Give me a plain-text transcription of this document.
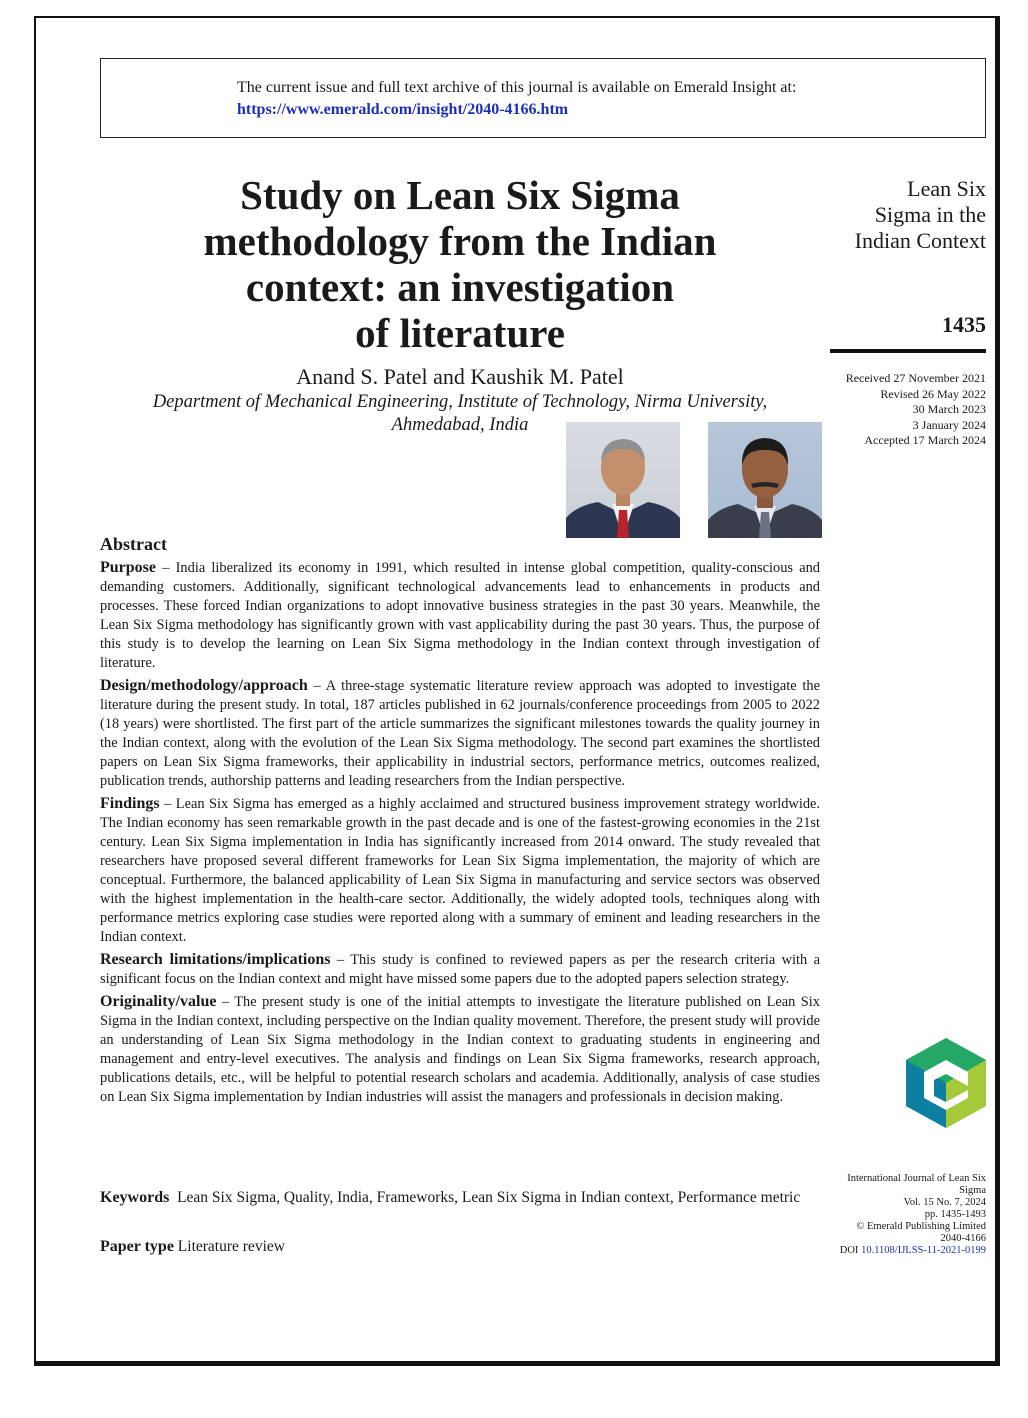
The current issue and full text archive of this journal is available on Emerald Insight at:
https://www.emerald.com/insight/2040-4166.htm
Study on Lean Six Sigma
methodology from the Indian
context: an investigation
of literature
Anand S. Patel and Kaushik M. Patel
Department of Mechanical Engineering, Institute of Technology, Nirma University,
Ahmedabad, India
Lean Six
Sigma in the
Indian Context
1435
Received 27 November 2021
Revised 26 May 2022
30 March 2023
3 January 2024
Accepted 17 March 2024
Abstract

Purpose – India liberalized its economy in 1991, which resulted in intense global competition, quality-conscious and demanding customers. Additionally, significant technological advancements lead to enhancements in products and processes. These forced Indian organizations to adopt innovative business strategies in the past 30 years. Meanwhile, the Lean Six Sigma methodology has significantly grown with vast applicability during the past 30 years. Thus, the purpose of this study is to develop the learning on Lean Six Sigma methodology in the Indian context through investigation of literature.

Design/methodology/approach – A three-stage systematic literature review approach was adopted to investigate the literature during the present study. In total, 187 articles published in 62 journals/conference proceedings from 2005 to 2022 (18 years) were shortlisted. The first part of the article summarizes the significant milestones towards the quality journey in the Indian context, along with the evolution of the Lean Six Sigma methodology. The second part examines the shortlisted papers on Lean Six Sigma frameworks, their applicability in industrial sectors, performance metrics, outcomes realized, publication trends, authorship patterns and leading researchers from the Indian perspective.

Findings – Lean Six Sigma has emerged as a highly acclaimed and structured business improvement strategy worldwide. The Indian economy has seen remarkable growth in the past decade and is one of the fastest-growing economies in the 21st century. Lean Six Sigma implementation in India has significantly increased from 2014 onward. The study revealed that researchers have proposed several different frameworks for Lean Six Sigma implementation, the majority of which are conceptual. Furthermore, the balanced applicability of Lean Six Sigma in manufacturing and service sectors was observed with the highest implementation in the health-care sector. Additionally, the widely adopted tools, techniques along with performance metrics exploring case studies were reported along with a summary of eminent and leading researchers in the Indian context.

Research limitations/implications – This study is confined to reviewed papers as per the research criteria with a significant focus on the Indian context and might have missed some papers due to the adopted papers selection strategy.

Originality/value – The present study is one of the initial attempts to investigate the literature published on Lean Six Sigma in the Indian context, including perspective on the Indian quality movement. Therefore, the present study will provide an understanding of Lean Six Sigma methodology in the Indian context to graduating students in engineering and management and entry-level executives. The analysis and findings on Lean Six Sigma frameworks, research approach, publications details, etc., will be helpful to potential research scholars and academia. Additionally, analysis of case studies on Lean Six Sigma implementation by Indian industries will assist the managers and professionals in decision making.

Keywords Lean Six Sigma, Quality, India, Frameworks, Lean Six Sigma in Indian context, Performance metric
Paper type Literature review
International Journal of Lean Six Sigma
Vol. 15 No. 7, 2024
pp. 1435-1493
© Emerald Publishing Limited
2040-4166
DOI 10.1108/IJLSS-11-2021-0199
